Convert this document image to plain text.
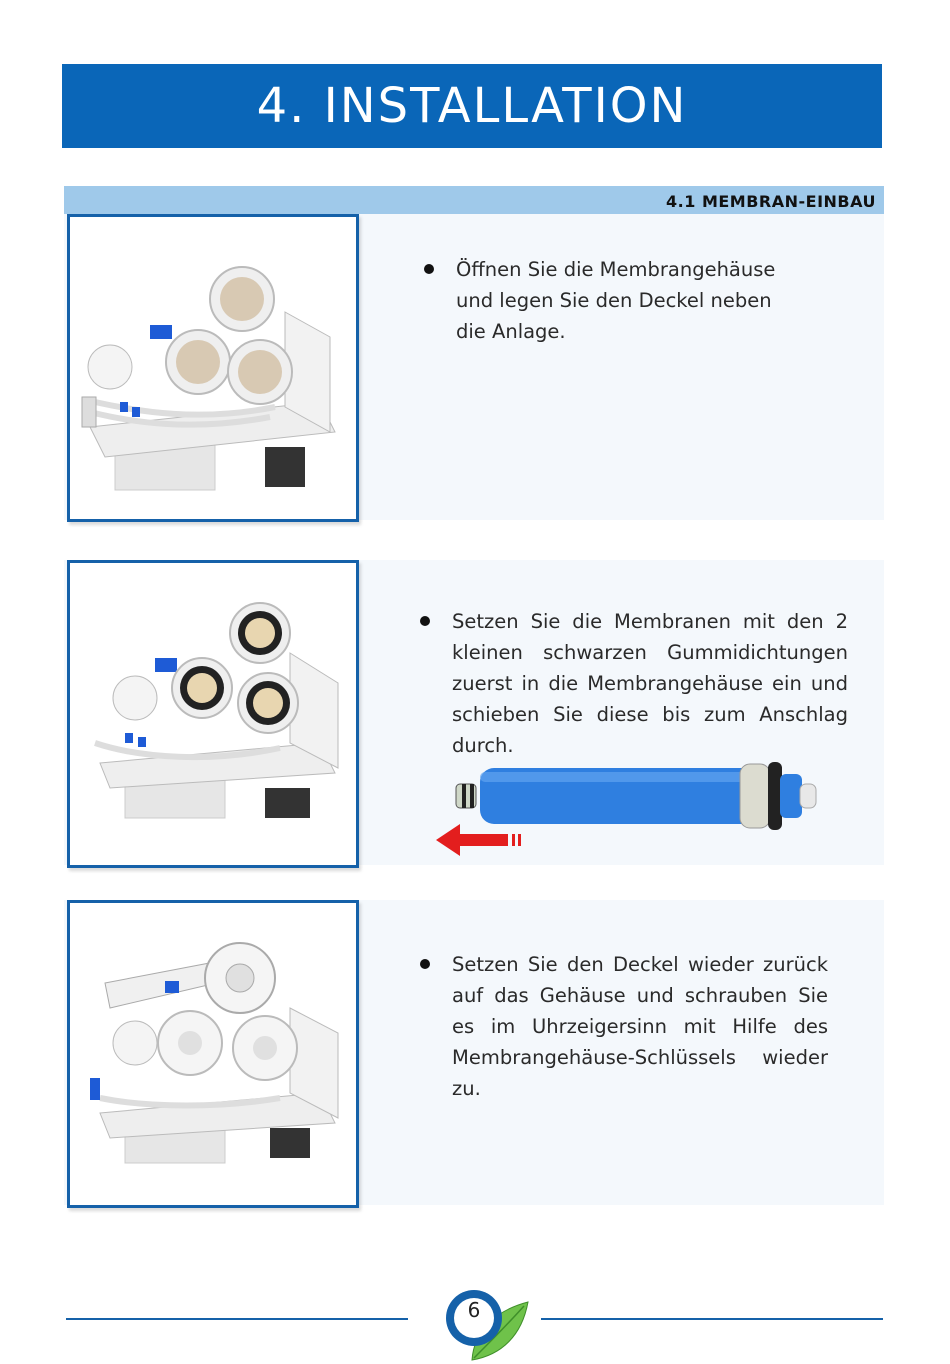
4. INSTALLATION
4.1 MEMBRAN-EINBAU
Öffnen Sie die Membrangehäuse und legen Sie den Deckel neben die Anlage.
Setzen Sie die Membranen mit den 2 kleinen schwarzen Gummidichtungen zuerst in die Membrangehäuse ein und schieben Sie diese bis zum Anschlag durch.
Setzen Sie den Deckel wieder zurück auf das Gehäuse und schrauben Sie es im Uhrzeigersinn mit Hilfe des Membrangehäuse-Schlüssels wieder zu.
6
